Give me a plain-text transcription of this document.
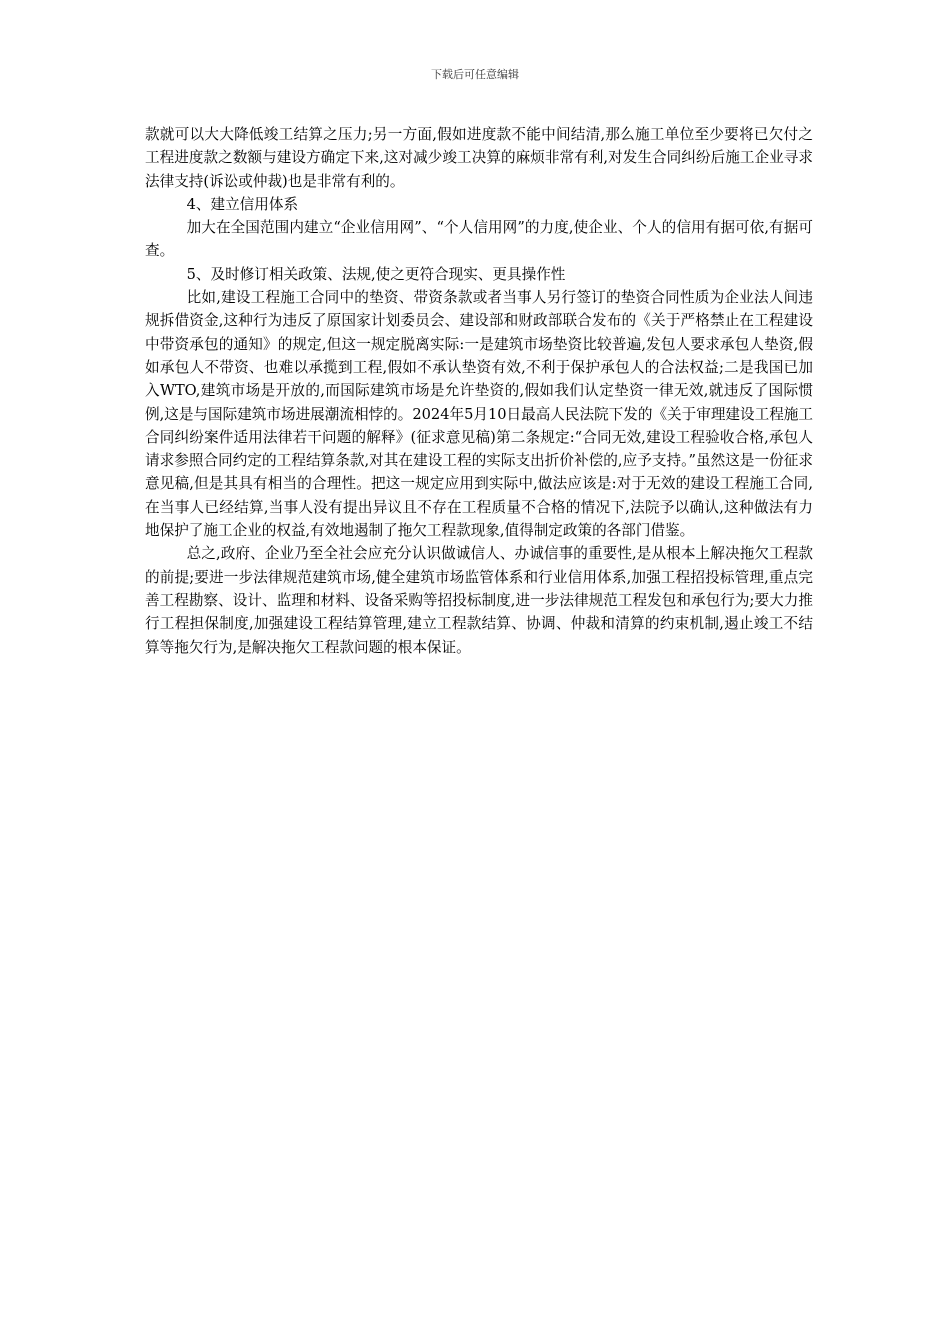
下载后可任意编辑

款就可以大大降低竣工结算之压力;另一方面,假如进度款不能中间结清,那么施工单位至少要将已欠付之工程进度款之数额与建设方确定下来,这对减少竣工决算的麻烦非常有利,对发生合同纠纷后施工企业寻求法律支持(诉讼或仲裁)也是非常有利的。

4、建立信用体系

加大在全国范围内建立“企业信用网”、“个人信用网”的力度,使企业、个人的信用有据可依,有据可查。

5、及时修订相关政策、法规,使之更符合现实、更具操作性

比如,建设工程施工合同中的垫资、带资条款或者当事人另行签订的垫资合同性质为企业法人间违规拆借资金,这种行为违反了原国家计划委员会、建设部和财政部联合发布的《关于严格禁止在工程建设中带资承包的通知》的规定,但这一规定脱离实际:一是建筑市场垫资比较普遍,发包人要求承包人垫资,假如承包人不带资、也难以承揽到工程,假如不承认垫资有效,不利于保护承包人的合法权益;二是我国已加入WTO,建筑市场是开放的,而国际建筑市场是允许垫资的,假如我们认定垫资一律无效,就违反了国际惯例,这是与国际建筑市场进展潮流相悖的。2024年5月10日最高人民法院下发的《关于审理建设工程施工合同纠纷案件适用法律若干问题的解释》(征求意见稿)第二条规定:“合同无效,建设工程验收合格,承包人请求参照合同约定的工程结算条款,对其在建设工程的实际支出折价补偿的,应予支持。”虽然这是一份征求意见稿,但是其具有相当的合理性。把这一规定应用到实际中,做法应该是:对于无效的建设工程施工合同,在当事人已经结算,当事人没有提出异议且不存在工程质量不合格的情况下,法院予以确认,这种做法有力地保护了施工企业的权益,有效地遏制了拖欠工程款现象,值得制定政策的各部门借鉴。

总之,政府、企业乃至全社会应充分认识做诚信人、办诚信事的重要性,是从根本上解决拖欠工程款的前提;要进一步法律规范建筑市场,健全建筑市场监管体系和行业信用体系,加强工程招投标管理,重点完善工程勘察、设计、监理和材料、设备采购等招投标制度,进一步法律规范工程发包和承包行为;要大力推行工程担保制度,加强建设工程结算管理,建立工程款结算、协调、仲裁和清算的约束机制,遏止竣工不结算等拖欠行为,是解决拖欠工程款问题的根本保证。
